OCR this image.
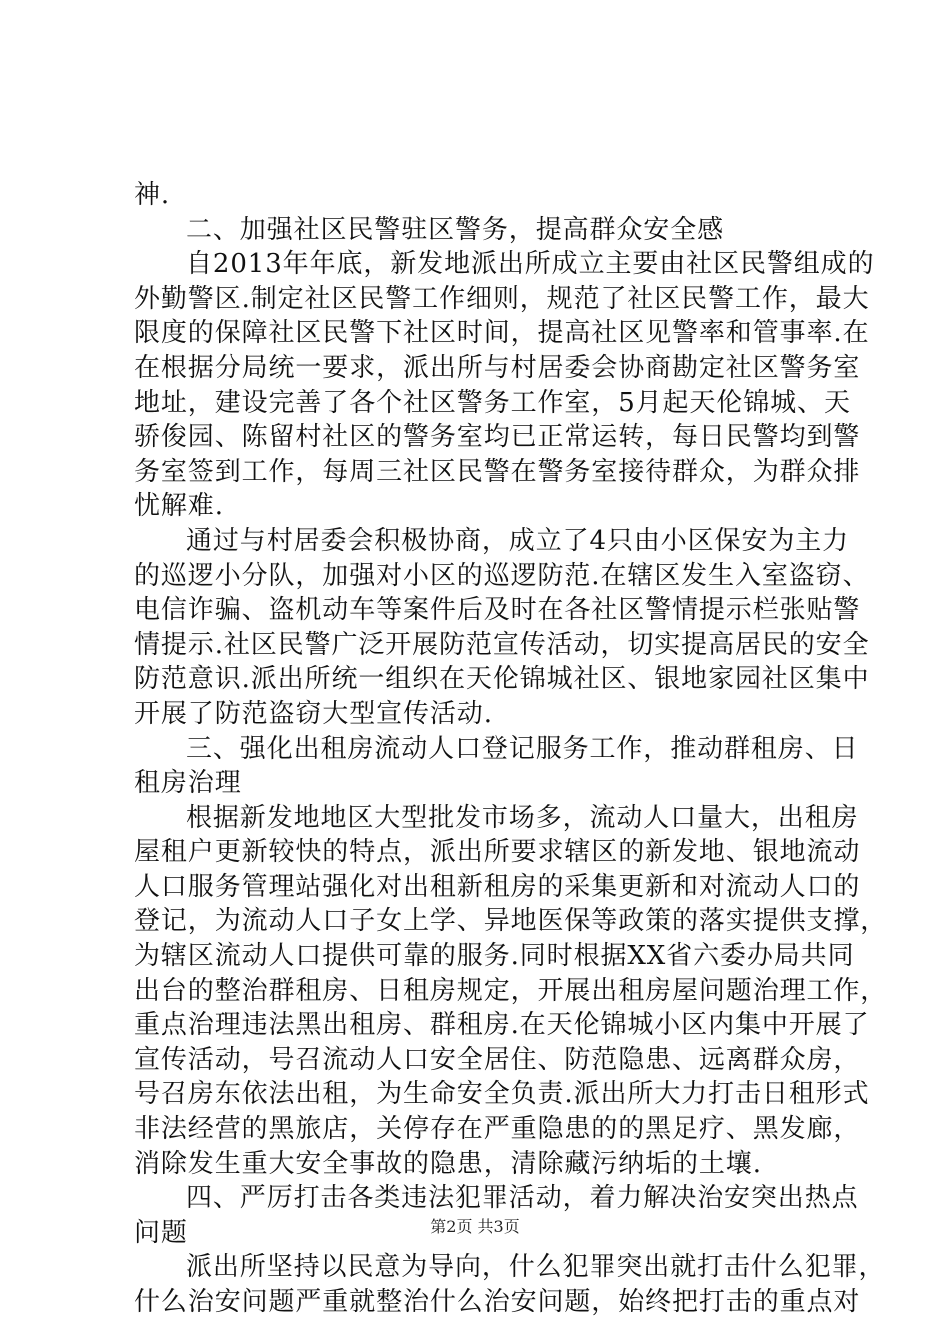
神.
二、加强社区民警驻区警务，提高群众安全感
自2013年年底，新发地派出所成立主要由社区民警组成的
外勤警区.制定社区民警工作细则，规范了社区民警工作，最大
限度的保障社区民警下社区时间，提高社区见警率和管事率.在
在根据分局统一要求，派出所与村居委会协商勘定社区警务室
地址，建设完善了各个社区警务工作室，5月起天伦锦城、天
骄俊园、陈留村社区的警务室均已正常运转，每日民警均到警
务室签到工作，每周三社区民警在警务室接待群众，为群众排
忧解难.
通过与村居委会积极协商，成立了4只由小区保安为主力
的巡逻小分队，加强对小区的巡逻防范.在辖区发生入室盗窃、
电信诈骗、盗机动车等案件后及时在各社区警情提示栏张贴警
情提示.社区民警广泛开展防范宣传活动，切实提高居民的安全
防范意识.派出所统一组织在天伦锦城社区、银地家园社区集中
开展了防范盗窃大型宣传活动.
三、强化出租房流动人口登记服务工作，推动群租房、日
租房治理
根据新发地地区大型批发市场多，流动人口量大，出租房
屋租户更新较快的特点，派出所要求辖区的新发地、银地流动
人口服务管理站强化对出租新租房的采集更新和对流动人口的
登记，为流动人口子女上学、异地医保等政策的落实提供支撑，
为辖区流动人口提供可靠的服务.同时根据XX省六委办局共同
出台的整治群租房、日租房规定，开展出租房屋问题治理工作，
重点治理违法黑出租房、群租房.在天伦锦城小区内集中开展了
宣传活动，号召流动人口安全居住、防范隐患、远离群众房，
号召房东依法出租，为生命安全负责.派出所大力打击日租形式
非法经营的黑旅店，关停存在严重隐患的的黑足疗、黑发廊，
消除发生重大安全事故的隐患，清除藏污纳垢的土壤.
四、严厉打击各类违法犯罪活动，着力解决治安突出热点
问题
派出所坚持以民意为导向，什么犯罪突出就打击什么犯罪，
什么治安问题严重就整治什么治安问题，始终把打击的重点对
第2页 共3页
